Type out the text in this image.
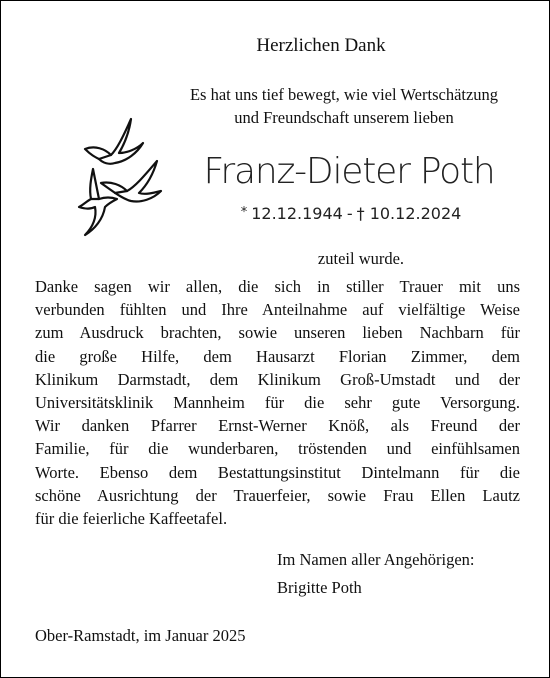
Herzlichen Dank
Es hat uns tief bewegt, wie viel Wertschätzung
und Freundschaft unserem lieben
Franz-Dieter Poth
* 12.12.1944 - † 10.12.2024
zuteil wurde.
Danke sagen wir allen, die sich in stiller Trauer mit uns
verbunden fühlten und Ihre Anteilnahme auf vielfältige Weise
zum Ausdruck brachten, sowie unseren lieben Nachbarn für
die große Hilfe, dem Hausarzt Florian Zimmer, dem
Klinikum Darmstadt, dem Klinikum Groß-Umstadt und der
Universitätsklinik Mannheim für die sehr gute Versorgung.
Wir danken Pfarrer Ernst-Werner Knöß, als Freund der
Familie, für die wunderbaren, tröstenden und einfühlsamen
Worte. Ebenso dem Bestattungsinstitut Dintelmann für die
schöne Ausrichtung der Trauerfeier, sowie Frau Ellen Lautz
für die feierliche Kaffeetafel.
Im Namen aller Angehörigen:
Brigitte Poth
Ober-Ramstadt, im Januar 2025
